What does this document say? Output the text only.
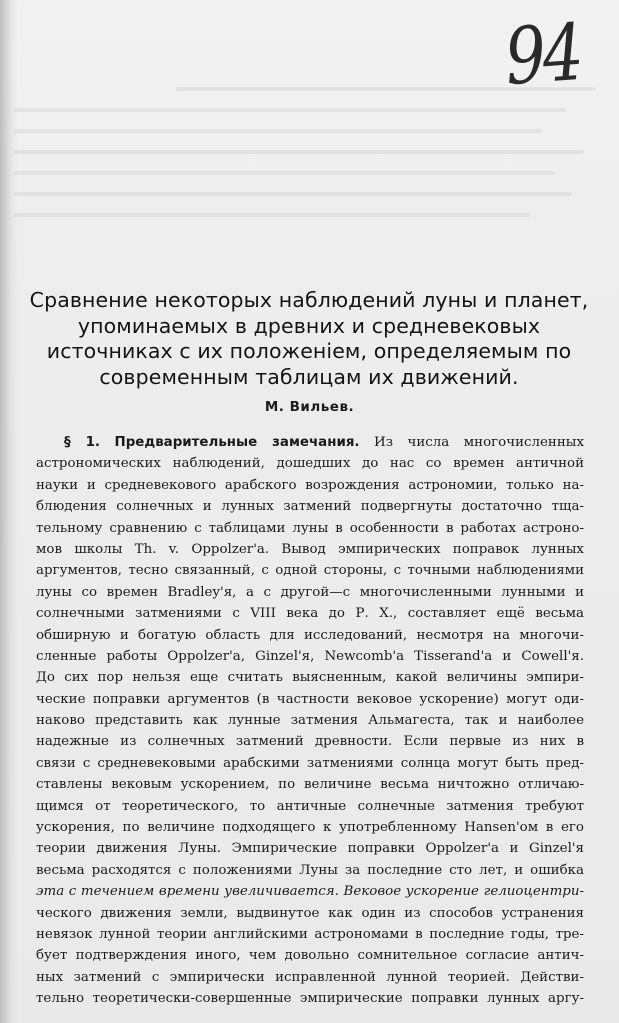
94
Сравнение некоторых наблюдений луны и планет, упоминаемых в древних и средневековых источниках с их положеніем, определяемым по современным таблицам их движений.
М. Вильев.
§ 1. Предварительные замечания. Из числа многочисленных
астрономических наблюдений, дошедших до нас со времен античной
науки и средневекового арабского возрождения астрономии, только на-
блюдения солнечных и лунных затмений подвергнуты достаточно тща-
тельному сравнению с таблицами луны в особенности в работах астроно-
мов школы Th. v. Oppolzer'a. Вывод эмпирических поправок лунных
аргументов, тесно связанный, с одной стороны, с точными наблюдениями
луны со времен Bradley'я, а с другой—с многочисленными лунными и
солнечными затмениями с VIII века до Р. Х., составляет ещё весьма
обширную и богатую область для исследований, несмотря на многочи-
сленные работы Oppolzer'a, Ginzel'я, Newcomb'a Tisserand'a и Cowell'я.
До сих пор нельзя еще считать выясненным, какой величины эмпири-
ческие поправки аргументов (в частности вековое ускорение) могут оди-
наково представить как лунные затмения Альмагеста, так и наиболее
надежные из солнечных затмений древности. Если первые из них в
связи с средневековыми арабскими затмениями солнца могут быть пред-
ставлены вековым ускорением, по величине весьма ничтожно отличаю-
щимся от теоретического, то античные солнечные затмения требуют
ускорения, по величине подходящего к употребленному Hansen'ом в его
теории движения Луны. Эмпирические поправки Oppolzer'a и Ginzel'я
весьма расходятся с положениями Луны за последние сто лет, и ошибка
эта с течением времени увеличивается. Вековое ускорение гелиоцентри-
ческого движения земли, выдвинутое как один из способов устранения
невязок лунной теории английскими астрономами в последние годы, тре-
бует подтверждения иного, чем довольно сомнительное согласие антич-
ных затмений с эмпирически исправленной лунной теорией. Действи-
тельно теоретически-совершенные эмпирические поправки лунных аргу-
